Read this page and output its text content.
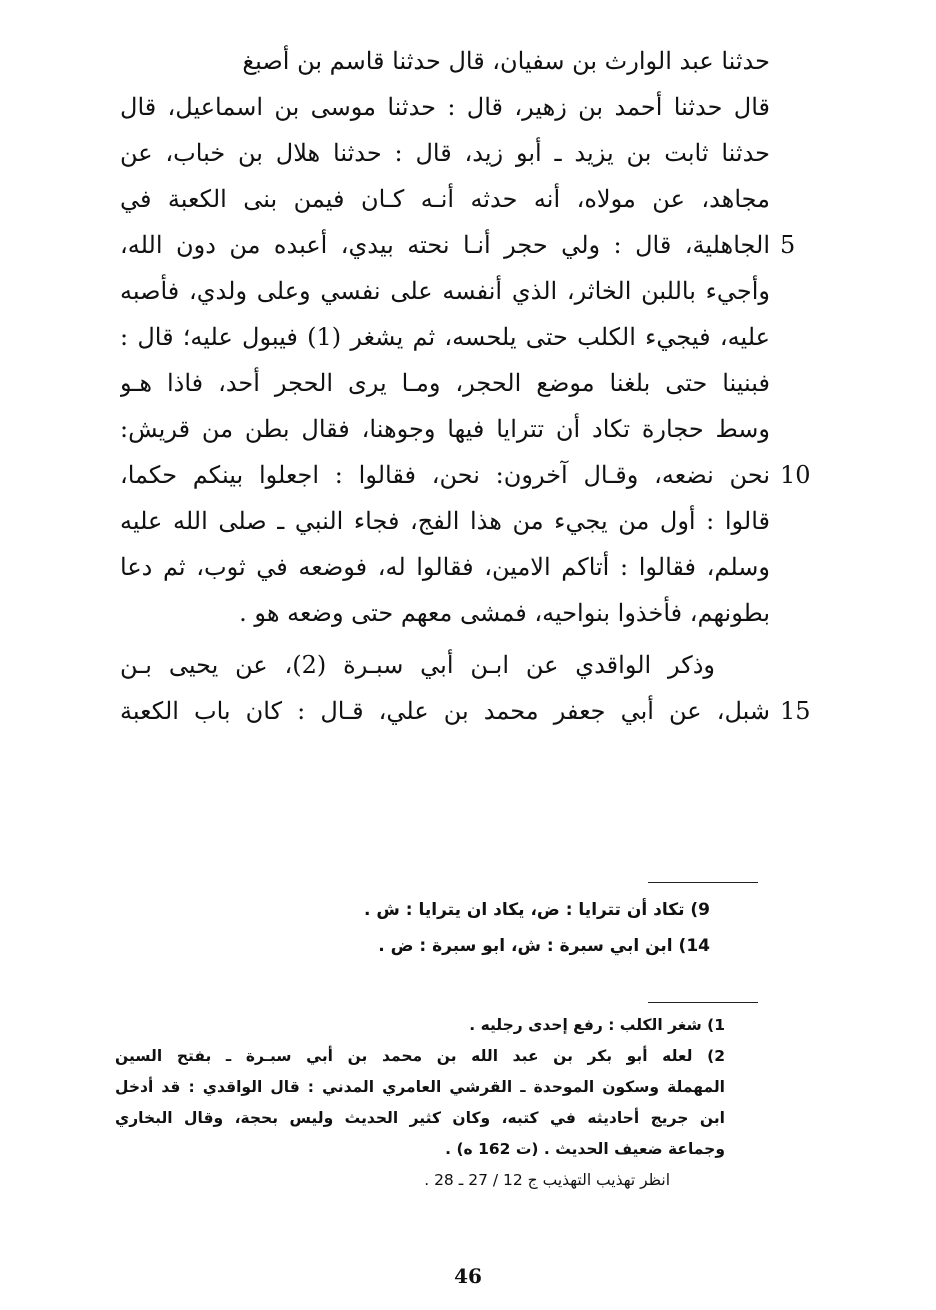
حدثنا عبد الوارث بن سفيان، قال حدثنا قاسم بن أصبغ
قال حدثنا أحمد بن زهير، قال : حدثنا موسى بن اسماعيل، قال
حدثنا ثابت بن يزيد ـ أبو زيد، قال : حدثنا هلال بن خباب، عن
مجاهد، عن مولاه، أنه حدثه أنـه كـان فيمن بنى الكعبة في
الجاهلية، قال : ولي حجر أنـا نحته بيدي، أعبده من دون الله،
وأجيء باللبن الخاثر، الذي أنفسه على نفسي وعلى ولدي، فأصبه
عليه، فيجيء الكلب حتى يلحسه، ثم يشغر (1) فيبول عليه؛ قال :
فبنينا حتى بلغنا موضع الحجر، ومـا يرى الحجر أحد، فاذا هـو
وسط حجارة تكاد أن تترايا فيها وجوهنا، فقال بطن من قريش:
نحن نضعه، وقـال آخرون: نحن، فقالوا : اجعلوا بينكم حكما،
قالوا : أول من يجيء من هذا الفج، فجاء النبي ـ صلى الله عليه
وسلم، فقالوا : أتاكم الامين، فقالوا له، فوضعه في ثوب، ثم دعا
بطونهم، فأخذوا بنواحيه، فمشى معهم حتى وضعه هو .
وذكر الواقدي عن ابـن أبي سبـرة (2)، عن يحيى بـن
شبل، عن أبي جعفر محمد بن علي، قـال : كان باب الكعبة
5
10
15
9) تكاد أن تترايا : ض، يكاد ان يترايا : ش .
14) ابن ابي سبرة : ش، ابو سبرة : ض .
1) شغر الكلب : رفع إحدى رجليه .
2) لعله أبو بكر بن عبد الله بن محمد بن أبي سبـرة ـ بفتح السين
المهملة وسكون الموحدة ـ القرشي العامري المدني : قال الواقدي : قد أدخل
ابن جريج أحاديثه في كتبه، وكان كثير الحديث وليس بحجة، وقال البخاري
وجماعة ضعيف الحديث . (ت 162 ه) .
انظر تهذيب التهذيب ج 12 / 27 ـ 28 .
46
